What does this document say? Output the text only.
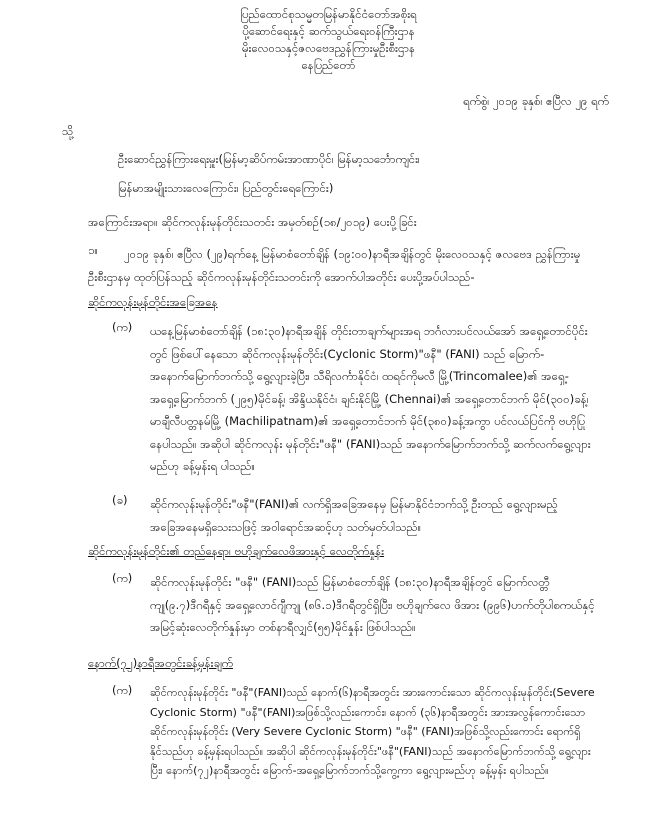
ပြည်ထောင်စုသမ္မတမြန်မာနိုင်ငံတော်အစိုးရ
ပို့ဆောင်ရေးနှင့် ဆက်သွယ်ရေးဝန်ကြီးဌာန
မိုးလေဝသနှင့်ဇလဗေဒညွှန်ကြားမှုဦးစီးဌာန
နေပြည်တော်
ရက်စွဲ၊ ၂၀၁၉ ခုနှစ်၊ ဧပြီလ ၂၉ ရက်
သို့
ဦးဆောင်ညွှန်ကြားရေးမှူး(မြန်မာ့ဆိပ်ကမ်းအာဏာပိုင်၊ မြန်မာ့သင်္ဘောကျင်း၊
မြန်မာအမျိုးသားလေကြောင်း၊ ပြည်တွင်းရေကြောင်း)
အကြောင်းအရာ။ ဆိုင်ကလုန်းမုန်တိုင်းသတင်း အမှတ်စဉ်(၁၈/၂၀၁၉) ပေးပို့ခြင်း
၁။	၂၀၁၉ ခုနှစ်၊ ဧပြီလ (၂၉)ရက်နေ့ မြန်မာစံတော်ချိန် (၁၉:၀၀)နာရီအချိန်တွင် မိုးလေဝသနှင့် ဇလဗေဒ ညွှန်ကြားမှုဦးစီးဌာနမှ ထုတ်ပြန်သည့် ဆိုင်ကလုန်းမုန်တိုင်းသတင်းကို အောက်ပါအတိုင်း ပေးပို့အပ်ပါသည်-
ဆိုင်ကလုန်းမုန်တိုင်းအခြေအနေ
(က) ယနေ့မြန်မာစံတော်ချိန် (၁၈:၃၀)နာရီအချိန် တိုင်းတာချက်များအရ ဘင်္ဂလားပင်လယ်အော် အရှေ့တောင်ပိုင်းတွင် ဖြစ်ပေါ်နေသော ဆိုင်ကလုန်းမုန်တိုင်း(Cyclonic Storm)"ဖနီ" (FANI) သည် မြောက်-အနောက်မြောက်ဘက်သို့ ရွေ့လျားခဲ့ပြီး၊ သီရိလင်္ကာနိုင်ငံ၊ ထရင်ကိုမလီ မြို့(Trincomalee)၏ အရှေ့-အရှေ့မြောက်ဘက် (၂၉၅)မိုင်ခန့်၊ အိန္ဒိယနိုင်ငံ၊ ချင်းနိုင်မြို့ (Chennai)၏ အရှေ့တောင်ဘက် မိုင်(၃၀၀)ခန့်၊ မာချီလီပတ္တနမ်မြို့ (Machilipatnam)၏ အရှေ့တောင်ဘက် မိုင်(၃၈၀)ခန့်အကွာ ပင်လယ်ပြင်ကို ဗဟိုပြုနေပါသည်။ အဆိုပါ ဆိုင်ကလုန်း မုန်တိုင်း"ဖနီ" (FANI)သည် အနောက်မြောက်ဘက်သို့ ဆက်လက်ရွေ့လျားမည်ဟု ခန့်မှန်းရ ပါသည်။
(ခ) ဆိုင်ကလုန်းမုန်တိုင်း"ဖနီ"(FANI)၏ လက်ရှိအခြေအနေမှ မြန်မာနိုင်ငံဘက်သို့ ဦးတည် ရွေ့လျားမည့် အခြေအနေမရှိသေးသဖြင့် အဝါရောင်အဆင့်ဟု သတ်မှတ်ပါသည်။
ဆိုင်ကလုန်းမုန်တိုင်း၏ တည်နေရာ၊ ဗဟိုချက်လေဖိအားနှင့် လေတိုက်နှုန်း
(က) ဆိုင်ကလုန်းမုန်တိုင်း "ဖနီ" (FANI)သည် မြန်မာစံတော်ချိန် (၁၈:၃၀)နာရီအချိန်တွင် မြောက်လတ္တီကျု(၉.၇)ဒီဂရီနှင့် အရှေ့လောင်ဂျီကျု (၈၆.၁)ဒီဂရီတွင်ရှိပြီး၊ ဗဟိုချက်လေ ဖိအား (၉၉၆)ဟက်တိုပါစကယ်နှင့် အမြင့်ဆုံးလေတိုက်နှုန်းမှာ တစ်နာရီလျှင်(၅၅)မိုင်နှုန်း ဖြစ်ပါသည်။
နောက်(၇၂)နာရီအတွင်းခန့်မှန်းချက်
(က) ဆိုင်ကလုန်းမုန်တိုင်း "ဖနီ"(FANI)သည် နောက်(၆)နာရီအတွင်း အားကောင်းသော ဆိုင်ကလုန်းမုန်တိုင်း(Severe Cyclonic Storm) "ဖနီ"(FANI)အဖြစ်သို့လည်းကောင်း၊ နောက် (၃၆)နာရီအတွင်း အားအလွန်ကောင်းသော ဆိုင်ကလုန်းမုန်တိုင်း (Very Severe Cyclonic Storm) "ဖနီ" (FANI)အဖြစ်သို့လည်းကောင်း ရောက်ရှိနိုင်သည်ဟု ခန့်မှန်းရပါသည်။ အဆိုပါ ဆိုင်ကလုန်းမုန်တိုင်း"ဖနီ"(FANI)သည် အနောက်မြောက်ဘက်သို့ ရွေ့လျားပြီး၊ နောက်(၇၂)နာရီအတွင်း မြောက်-အရှေ့မြောက်ဘက်သို့ကွေ့ကာ ရွေ့လျားမည်ဟု ခန့်မှန်း ရပါသည်။
